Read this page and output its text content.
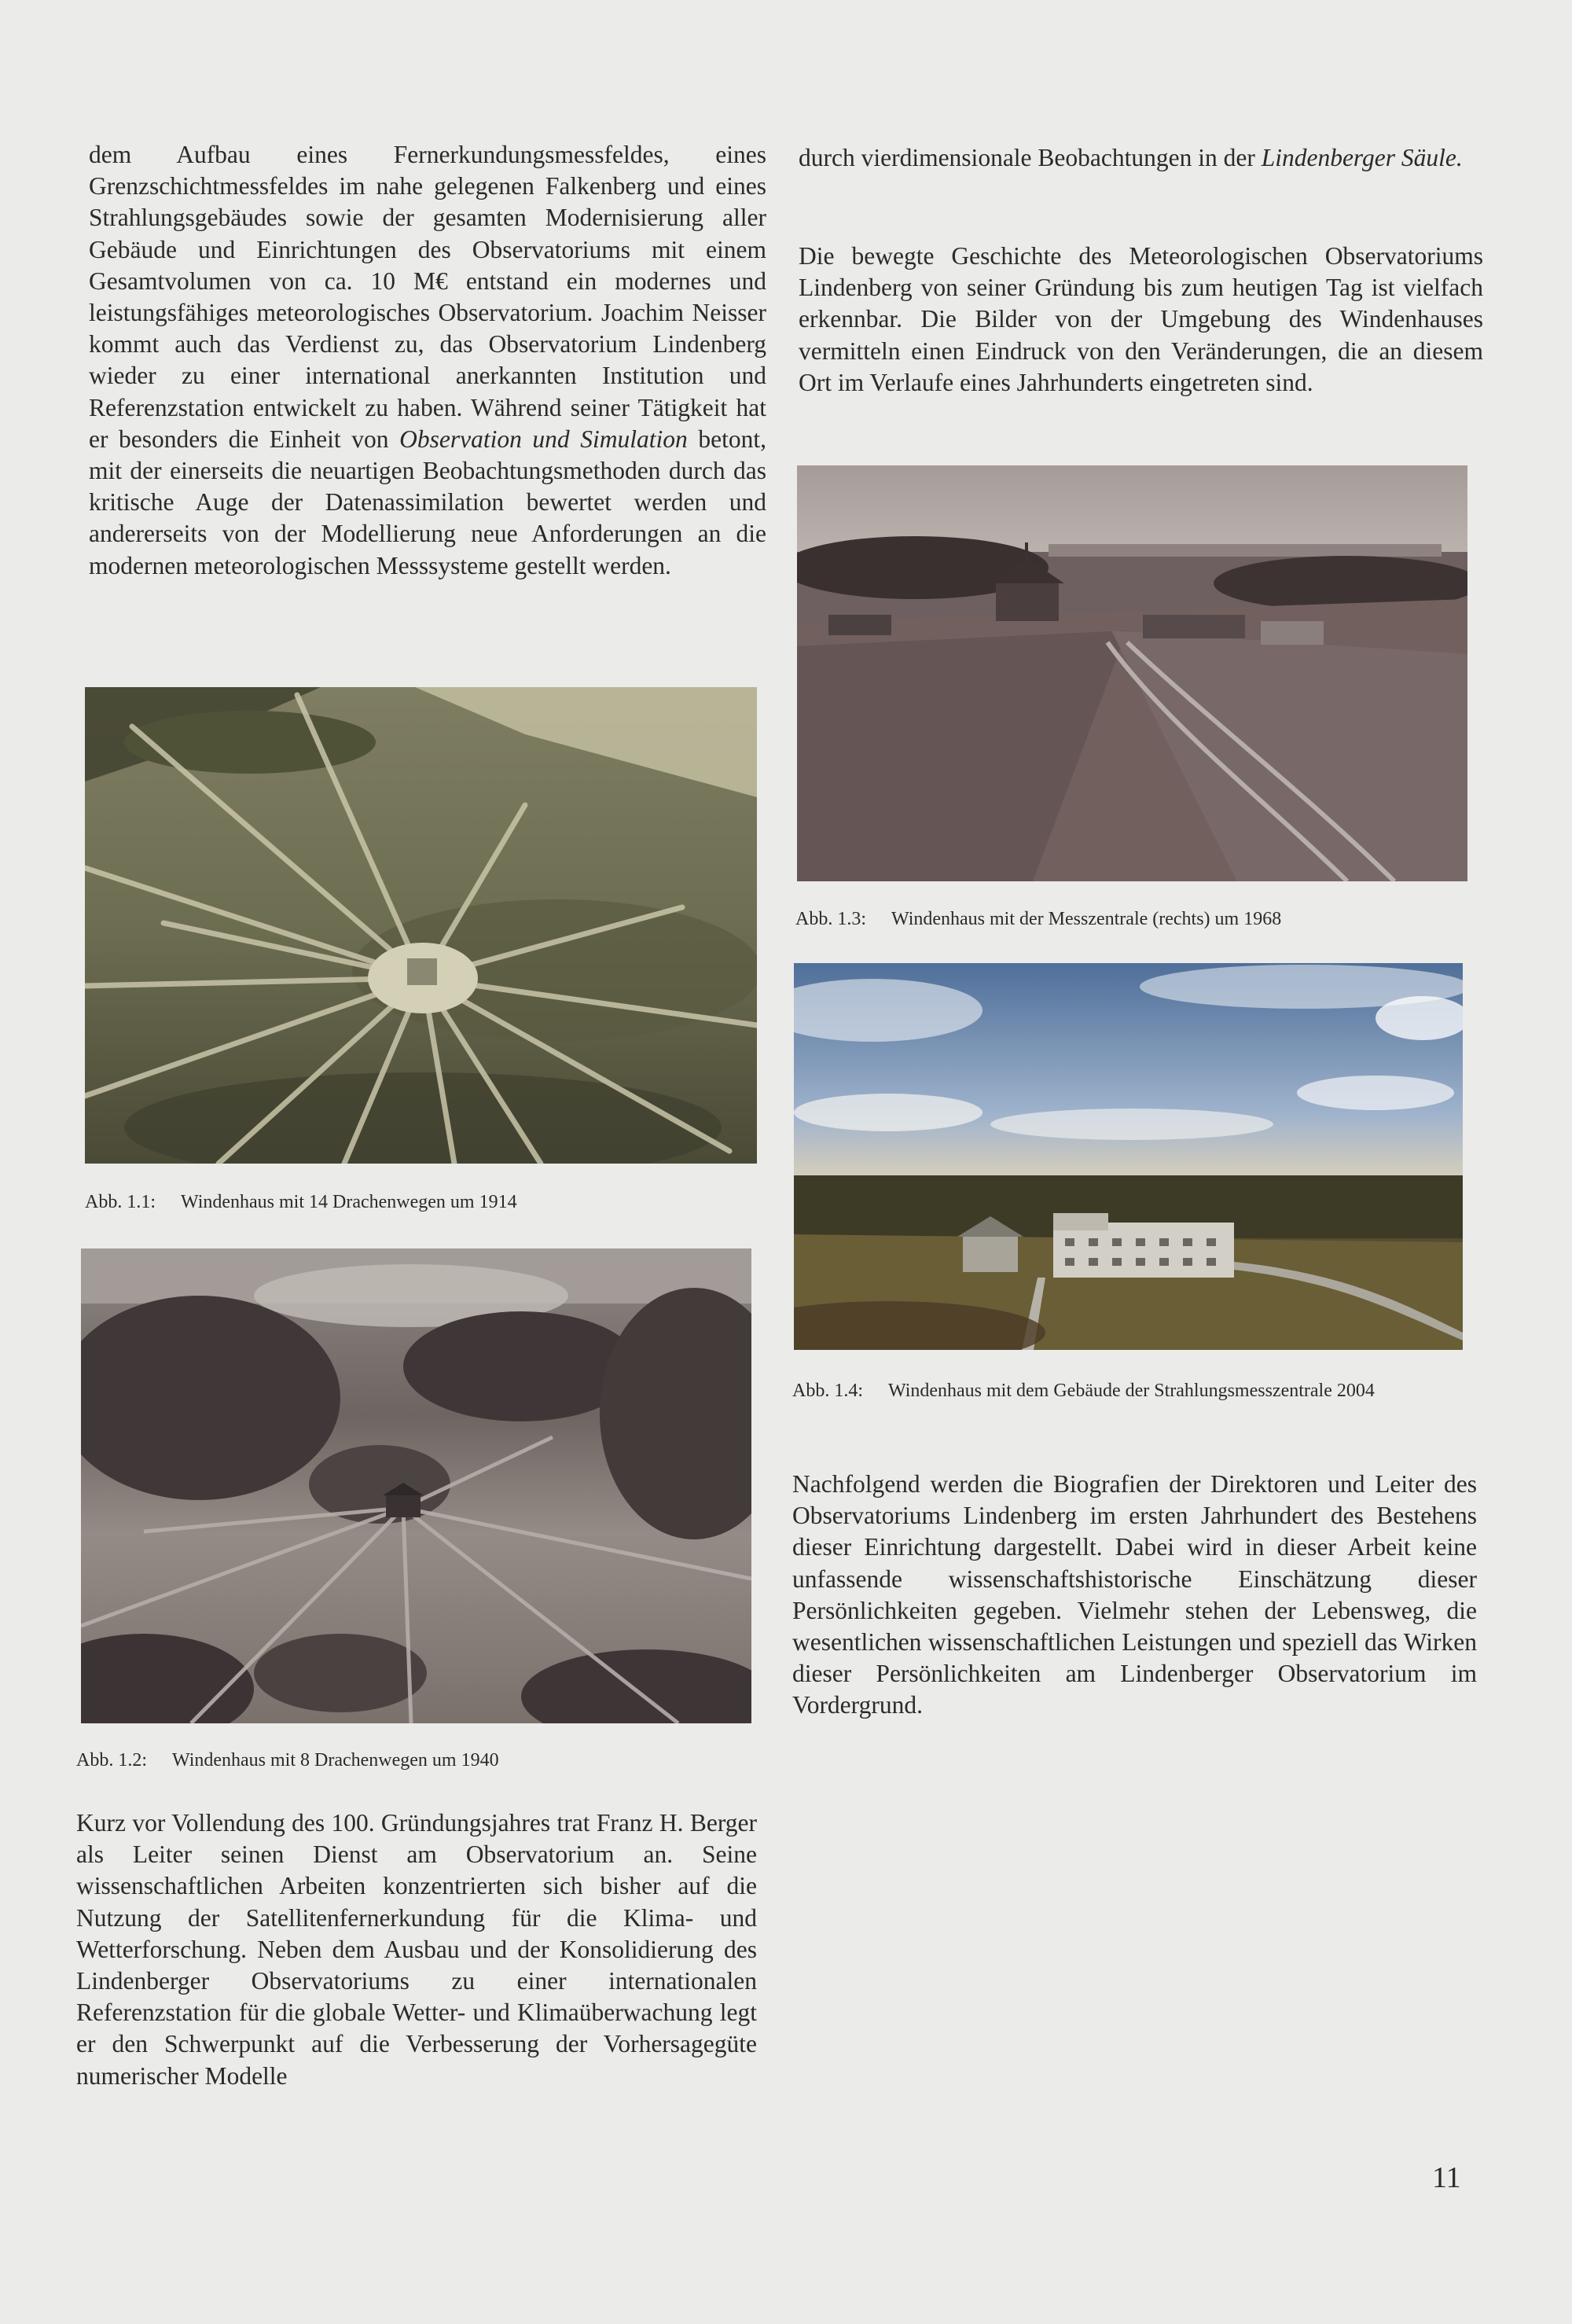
dem Aufbau eines Fernerkundungsmessfeldes, eines Grenzschichtmessfeldes im nahe gelegenen Falkenberg und eines Strahlungsgebäudes sowie der gesamten Modernisierung aller Gebäude und Einrichtungen des Observatoriums mit einem Gesamtvolumen von ca. 10 M€ entstand ein modernes und leistungsfähiges meteorologisches Observatorium. Joachim Neisser kommt auch das Verdienst zu, das Observatorium Lindenberg wieder zu einer international anerkannten Institution und Referenzstation entwickelt zu haben. Während seiner Tätigkeit hat er besonders die Einheit von Observation und Simulation betont, mit der einerseits die neuartigen Beobachtungsmethoden durch das kritische Auge der Datenassimilation bewertet werden und andererseits von der Modellierung neue Anforderungen an die modernen meteorologischen Messsysteme gestellt werden.

Abb. 1.1: Windenhaus mit 14 Drachenwegen um 1914

Abb. 1.2: Windenhaus mit 8 Drachenwegen um 1940

Kurz vor Vollendung des 100. Gründungsjahres trat Franz H. Berger als Leiter seinen Dienst am Observatorium an. Seine wissenschaftlichen Arbeiten konzentrierten sich bisher auf die Nutzung der Satellitenfernerkundung für die Klima- und Wetterforschung. Neben dem Ausbau und der Konsolidierung des Lindenberger Observatoriums zu einer internationalen Referenzstation für die globale Wetter- und Klimaüberwachung legt er den Schwerpunkt auf die Verbesserung der Vorhersagegüte numerischer Modelle

durch vierdimensionale Beobachtungen in der Lindenberger Säule.

Die bewegte Geschichte des Meteorologischen Observatoriums Lindenberg von seiner Gründung bis zum heutigen Tag ist vielfach erkennbar. Die Bilder von der Umgebung des Windenhauses vermitteln einen Eindruck von den Veränderungen, die an diesem Ort im Verlaufe eines Jahrhunderts eingetreten sind.

Abb. 1.3: Windenhaus mit der Messzentrale (rechts) um 1968

Abb. 1.4: Windenhaus mit dem Gebäude der Strahlungsmesszentrale 2004

Nachfolgend werden die Biografien der Direktoren und Leiter des Observatoriums Lindenberg im ersten Jahrhundert des Bestehens dieser Einrichtung dargestellt. Dabei wird in dieser Arbeit keine unfassende wissenschaftshistorische Einschätzung dieser Persönlichkeiten gegeben. Vielmehr stehen der Lebensweg, die wesentlichen wissenschaftlichen Leistungen und speziell das Wirken dieser Persönlichkeiten am Lindenberger Observatorium im Vordergrund.

11
